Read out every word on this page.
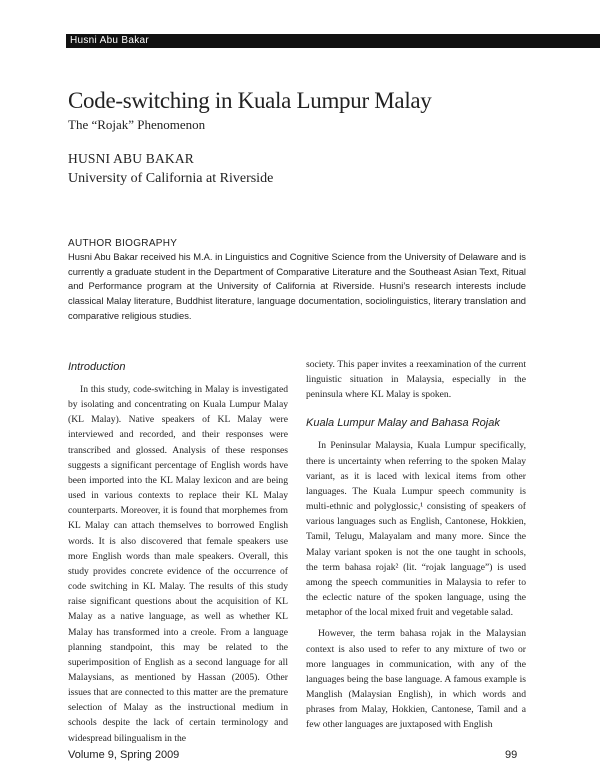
Husni Abu Bakar
Code-switching in Kuala Lumpur Malay
The “Rojak” Phenomenon
HUSNI ABU BAKAR
University of California at Riverside
AUTHOR BIOGRAPHY
Husni Abu Bakar received his M.A. in Linguistics and Cognitive Science from the University of Delaware and is currently a graduate student in the Department of Comparative Literature and the Southeast Asian Text, Ritual and Performance program at the University of California at Riverside. Husni’s research interests include classical Malay literature, Buddhist literature, language documentation, sociolinguistics, literary translation and comparative religious studies.
Introduction

In this study, code-switching in Malay is investigated by isolating and concentrating on Kuala Lumpur Malay (KL Malay). Native speakers of KL Malay were interviewed and recorded, and their responses were transcribed and glossed. Analysis of these responses suggests a significant percentage of English words have been imported into the KL Malay lexicon and are being used in various contexts to replace their KL Malay counterparts. Moreover, it is found that morphemes from KL Malay can attach themselves to borrowed English words. It is also discovered that female speakers use more English words than male speakers. Overall, this study provides concrete evidence of the occurrence of code switching in KL Malay. The results of this study raise significant questions about the acquisition of KL Malay as a native language, as well as whether KL Malay has transformed into a creole. From a language planning standpoint, this may be related to the superimposition of English as a second language for all Malaysians, as mentioned by Hassan (2005). Other issues that are connected to this matter are the premature selection of Malay as the instructional medium in schools despite the lack of certain terminology and widespread bilingualism in the

society. This paper invites a reexamination of the current linguistic situation in Malaysia, especially in the peninsula where KL Malay is spoken.

Kuala Lumpur Malay and Bahasa Rojak

In Peninsular Malaysia, Kuala Lumpur specifically, there is uncertainty when referring to the spoken Malay variant, as it is laced with lexical items from other languages. The Kuala Lumpur speech community is multi-ethnic and polyglossic,¹ consisting of speakers of various languages such as English, Cantonese, Hokkien, Tamil, Telugu, Malayalam and many more. Since the Malay variant spoken is not the one taught in schools, the term bahasa rojak² (lit. “rojak language”) is used among the speech communities in Malaysia to refer to the eclectic nature of the spoken language, using the metaphor of the local mixed fruit and vegetable salad.

However, the term bahasa rojak in the Malaysian context is also used to refer to any mixture of two or more languages in communication, with any of the languages being the base language. A famous example is Manglish (Malaysian English), in which words and phrases from Malay, Hokkien, Cantonese, Tamil and a few other languages are juxtaposed with English

Volume 9, Spring 2009	99
